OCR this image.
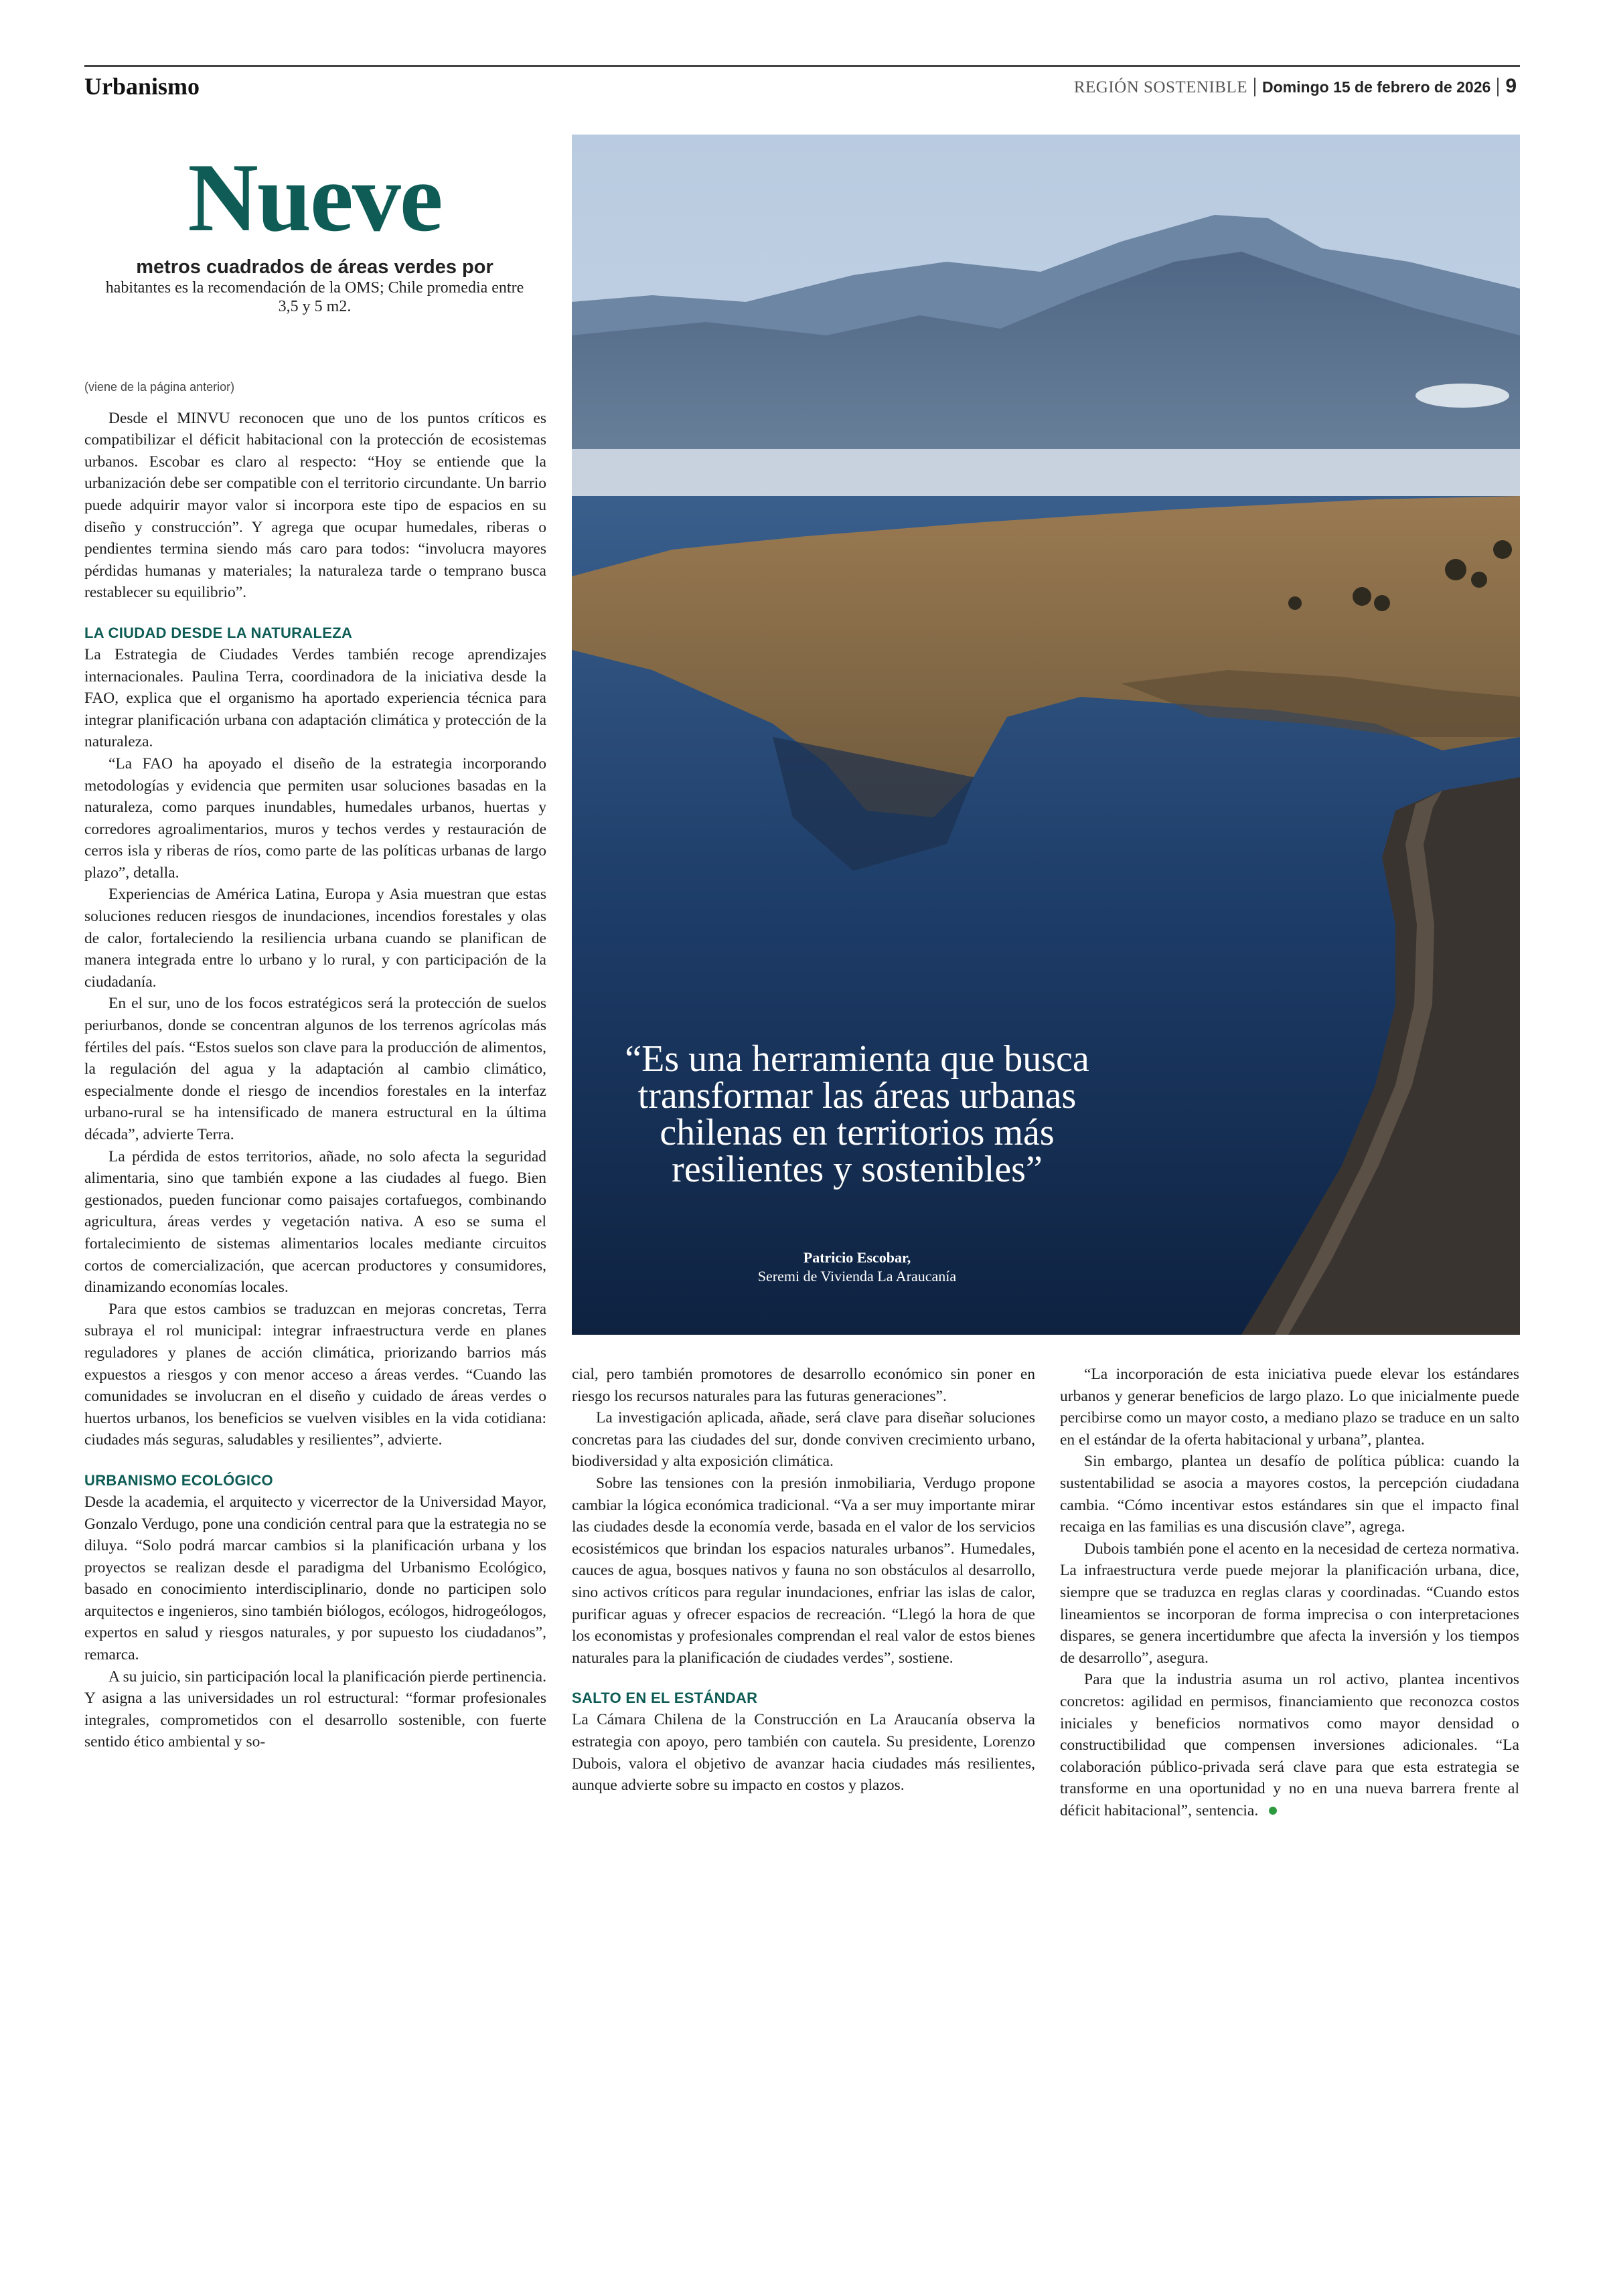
Urbanismo	REGIÓN SOSTENIBLE Domingo 15 de febrero de 2026 9
Nueve
metros cuadrados de áreas verdes por
habitantes es la recomendación de la OMS; Chile promedia entre 3,5 y 5 m2.
“Es una herramienta que busca transformar las áreas urbanas chilenas en territorios más resilientes y sostenibles”
Patricio Escobar,
Seremi de Vivienda La Araucanía

(viene de la página anterior)

Desde el MINVU reconocen que uno de los puntos críticos es compatibilizar el déficit habitacional con la protección de ecosistemas urbanos. Escobar es claro al respecto: “Hoy se entiende que la urbanización debe ser compatible con el territorio circundante. Un barrio puede adquirir mayor valor si incorpora este tipo de espacios en su diseño y construcción”. Y agrega que ocupar humedales, riberas o pendientes termina siendo más caro para todos: “involucra mayores pérdidas humanas y materiales; la naturaleza tarde o temprano busca restablecer su equilibrio”.

LA CIUDAD DESDE LA NATURALEZA

La Estrategia de Ciudades Verdes también recoge aprendizajes internacionales. Paulina Terra, coordinadora de la iniciativa desde la FAO, explica que el organismo ha aportado experiencia técnica para integrar planificación urbana con adaptación climática y protección de la naturaleza.

“La FAO ha apoyado el diseño de la estrategia incorporando metodologías y evidencia que permiten usar soluciones basadas en la naturaleza, como parques inundables, humedales urbanos, huertas y corredores agroalimentarios, muros y techos verdes y restauración de cerros isla y riberas de ríos, como parte de las políticas urbanas de largo plazo”, detalla.

Experiencias de América Latina, Europa y Asia muestran que estas soluciones reducen riesgos de inundaciones, incendios forestales y olas de calor, fortaleciendo la resiliencia urbana cuando se planifican de manera integrada entre lo urbano y lo rural, y con participación de la ciudadanía.

En el sur, uno de los focos estratégicos será la protección de suelos periurbanos, donde se concentran algunos de los terrenos agrícolas más fértiles del país. “Estos suelos son clave para la producción de alimentos, la regulación del agua y la adaptación al cambio climático, especialmente donde el riesgo de incendios forestales en la interfaz urbano-rural se ha intensificado de manera estructural en la última década”, advierte Terra.

La pérdida de estos territorios, añade, no solo afecta la seguridad alimentaria, sino que también expone a las ciudades al fuego. Bien gestionados, pueden funcionar como paisajes cortafuegos, combinando agricultura, áreas verdes y vegetación nativa. A eso se suma el fortalecimiento de sistemas alimentarios locales mediante circuitos cortos de comercialización, que acercan productores y consumidores, dinamizando economías locales.

Para que estos cambios se traduzcan en mejoras concretas, Terra subraya el rol municipal: integrar infraestructura verde en planes reguladores y planes de acción climática, priorizando barrios más expuestos a riesgos y con menor acceso a áreas verdes. “Cuando las comunidades se involucran en el diseño y cuidado de áreas verdes o huertos urbanos, los beneficios se vuelven visibles en la vida cotidiana: ciudades más seguras, saludables y resilientes”, advierte.

URBANISMO ECOLÓGICO

Desde la academia, el arquitecto y vicerrector de la Universidad Mayor, Gonzalo Verdugo, pone una condición central para que la estrategia no se diluya. “Solo podrá marcar cambios si la planificación urbana y los proyectos se realizan desde el paradigma del Urbanismo Ecológico, basado en conocimiento interdisciplinario, donde no participen solo arquitectos e ingenieros, sino también biólogos, ecólogos, hidrogeólogos, expertos en salud y riesgos naturales, y por supuesto los ciudadanos”, remarca.

A su juicio, sin participación local la planificación pierde pertinencia. Y asigna a las universidades un rol estructural: “formar profesionales integrales, comprometidos con el desarrollo sostenible, con fuerte sentido ético ambiental y so-

cial, pero también promotores de desarrollo económico sin poner en riesgo los recursos naturales para las futuras generaciones”.

La investigación aplicada, añade, será clave para diseñar soluciones concretas para las ciudades del sur, donde conviven crecimiento urbano, biodiversidad y alta exposición climática.

Sobre las tensiones con la presión inmobiliaria, Verdugo propone cambiar la lógica económica tradicional. “Va a ser muy importante mirar las ciudades desde la economía verde, basada en el valor de los servicios ecosistémicos que brindan los espacios naturales urbanos”. Humedales, cauces de agua, bosques nativos y fauna no son obstáculos al desarrollo, sino activos críticos para regular inundaciones, enfriar las islas de calor, purificar aguas y ofrecer espacios de recreación. “Llegó la hora de que los economistas y profesionales comprendan el real valor de estos bienes naturales para la planificación de ciudades verdes”, sostiene.

SALTO EN EL ESTÁNDAR

La Cámara Chilena de la Construcción en La Araucanía observa la estrategia con apoyo, pero también con cautela. Su presidente, Lorenzo Dubois, valora el objetivo de avanzar hacia ciudades más resilientes, aunque advierte sobre su impacto en costos y plazos.

“La incorporación de esta iniciativa puede elevar los estándares urbanos y generar beneficios de largo plazo. Lo que inicialmente puede percibirse como un mayor costo, a mediano plazo se traduce en un salto en el estándar de la oferta habitacional y urbana”, plantea.

Sin embargo, plantea un desafío de política pública: cuando la sustentabilidad se asocia a mayores costos, la percepción ciudadana cambia. “Cómo incentivar estos estándares sin que el impacto final recaiga en las familias es una discusión clave”, agrega.

Dubois también pone el acento en la necesidad de certeza normativa. La infraestructura verde puede mejorar la planificación urbana, dice, siempre que se traduzca en reglas claras y coordinadas. “Cuando estos lineamientos se incorporan de forma imprecisa o con interpretaciones dispares, se genera incertidumbre que afecta la inversión y los tiempos de desarrollo”, asegura.

Para que la industria asuma un rol activo, plantea incentivos concretos: agilidad en permisos, financiamiento que reconozca costos iniciales y beneficios normativos como mayor densidad o constructibilidad que compensen inversiones adicionales. “La colaboración público-privada será clave para que esta estrategia se transforme en una oportunidad y no en una nueva barrera frente al déficit habitacional”, sentencia.
